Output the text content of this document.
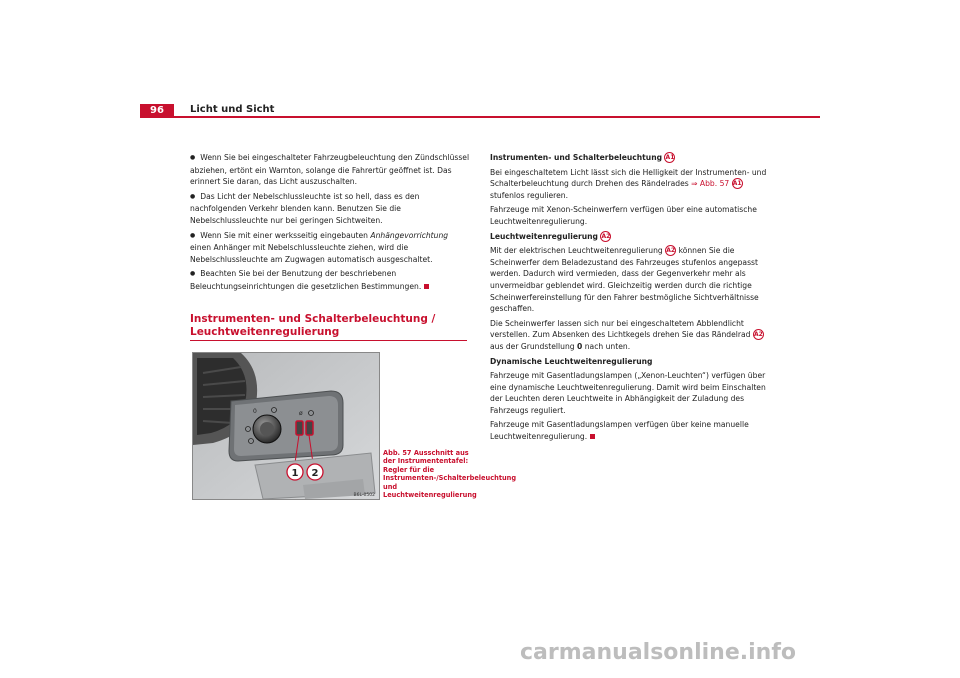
96	Licht und Sicht

● Wenn Sie bei eingeschalteter Fahrzeugbeleuchtung den Zündschlüssel abziehen, ertönt ein Warnton, solange die Fahrertür geöffnet ist. Das erinnert Sie daran, das Licht auszuschalten.

● Das Licht der Nebelschlussleuchte ist so hell, dass es den nachfolgenden Verkehr blenden kann. Benutzen Sie die Nebelschlussleuchte nur bei geringen Sichtweiten.

● Wenn Sie mit einer werksseitig eingebauten Anhängevorrichtung einen Anhänger mit Nebelschlussleuchte ziehen, wird die Nebelschlussleuchte am Zugwagen automatisch ausgeschaltet.

● Beachten Sie bei der Benutzung der beschriebenen Beleuchtungseinrichtungen die gesetzlichen Bestimmungen.

Instrumenten- und Schalterbeleuchtung /
Leuchtweitenregulierung
0	ø
1 2
B6L-0502
Abb. 57 Ausschnitt aus der Instrumententafel: Regler für die Instrumenten-/Schalterbeleuchtung und Leuchtweitenregulierung

Instrumenten- und Schalterbeleuchtung A1

Bei eingeschaltetem Licht lässt sich die Helligkeit der Instrumenten- und Schalterbeleuchtung durch Drehen des Rändelrades ⇒ Abb. 57 A1 stufenlos regulieren.

Fahrzeuge mit Xenon-Scheinwerfern verfügen über eine automatische Leuchtweitenregulierung.

Leuchtweitenregulierung A2

Mit der elektrischen Leuchtweitenregulierung A2 können Sie die Scheinwerfer dem Beladezustand des Fahrzeuges stufenlos angepasst werden. Dadurch wird vermieden, dass der Gegenverkehr mehr als unvermeidbar geblendet wird. Gleichzeitig werden durch die richtige Scheinwerfereinstellung für den Fahrer bestmögliche Sichtverhältnisse geschaffen.

Die Scheinwerfer lassen sich nur bei eingeschaltetem Abblendlicht verstellen. Zum Absenken des Lichtkegels drehen Sie das Rändelrad A2 aus der Grundstellung 0 nach unten.

Dynamische Leuchtweitenregulierung

Fahrzeuge mit Gasentladungslampen („Xenon-Leuchten“) verfügen über eine dynamische Leuchtweitenregulierung. Damit wird beim Einschalten der Leuchten deren Leuchtweite in Abhängigkeit der Zuladung des Fahrzeugs reguliert.

Fahrzeuge mit Gasentladungslampen verfügen über keine manuelle Leuchtweitenregulierung.

carmanualsonline.info
